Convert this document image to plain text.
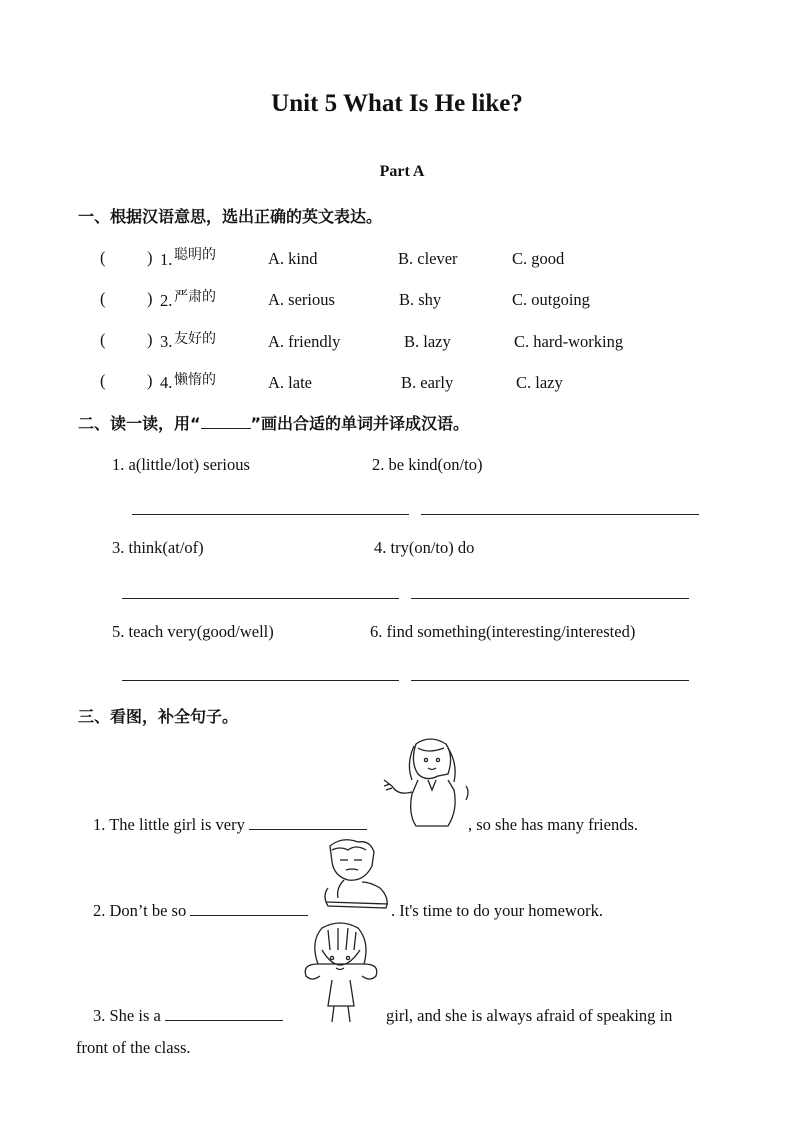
Unit 5 What Is He like?
Part A
一、根据汉语意思，选出正确的英文表达。
(	) 1. 聪明的	A. kind	B. clever	C. good
(	) 2. 严肃的	A. serious	B. shy	C. outgoing
(	) 3. 友好的	A. friendly	B. lazy	C. hard-working
(	) 4. 懒惰的	A. late	B. early	C. lazy
二、读一读，用“	”画出合适的单词并译成汉语。
1. a(little/lot) serious	2. be kind(on/to)
3. think(at/of)	4. try(on/to) do
5. teach very(good/well)	6. find something(interesting/interested)
三、看图，补全句子。
1. The little girl is very	, so she has many friends.
2. Don’t be so	. It's time to do your homework.
3. She is a	girl, and she is always afraid of speaking in
front of the class.
